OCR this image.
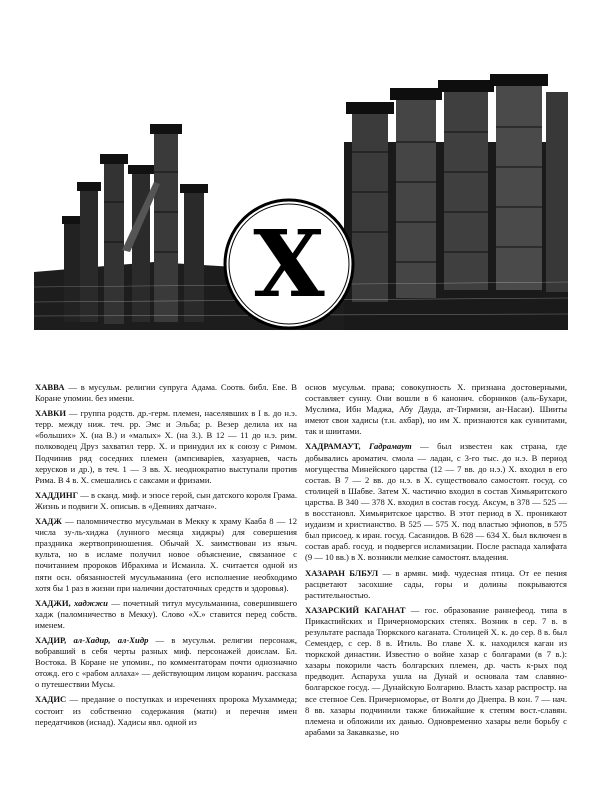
X

ХАВВА — в мусульм. религии супруга Адама. Соотв. библ. Еве. В Коране упомин. без имени.

ХАВКИ — группа родств. др.-герм. племен, населявших в I в. до н.э. терр. между ниж. теч. рр. Эмс и Эльба; р. Везер делила их на «больших» X. (на В.) и «малых» X. (на З.). В 12 — 11 до н.э. рим. полководец Друз захватил терр. X. и принудил их к союзу с Римом. Подчинив ряд соседних племен (ампсиваріев, хазуарнев, часть херусков и др.), в теч. 1 — 3 вв. X. неоднократно выступали против Рима. В 4 в. X. смешались с саксами и фризами.

ХАДДИНГ — в сканд. миф. и эпосе герой, сын датского короля Грама. Жизнь и подвиги X. описыв. в «Деяниях датчан».

ХАДЖ — паломничество мусульман в Мекку к храму Кааба 8 — 12 числа зу-ль-хиджа (лунного месяца хиджры) для совершения праздника жертвоприношения. Обычай X. заимствован из языч. культа, но в исламе получил новое объяснение, связанное с почитанием пророков Ибрахима и Исмаила. X. считается одной из пяти осн. обязанностей мусульманина (его исполнение необходимо хотя бы 1 раз в жизни при наличии достаточных средств и здоровья).

ХАДЖИ, хаджжи — почетный титул мусульманина, совершившего хадж (паломничество в Мекку). Слово «X.» ставится перед собств. именем.

ХАДИР, ал-Хадир, ал-Хидр — в мусульм. религии персонаж, вобравший в себя черты разных миф. персонажей доислам. Бл. Востока. В Коране не упомин., по комментаторам почти однозначно отожд. его с «рабом аллаха» — действующим лицом коранич. рассказа о путешествии Мусы.

ХАДИС — предание о поступках и изречениях пророка Мухаммеда; состоит из собственно содержания (матн) и перечня имен передатчиков (иснад). Хадисы явл. одной из

основ мусульм. права; совокупность X. признана достоверными, составляет сунну. Они вошли в 6 канонич. сборников (аль-Бухари, Муслима, Ибн Маджа, Абу Дауда, ат-Тирмизи, ан-Насаи). Шииты имеют свои хадисы (т.н. ахбар), но им X. признаются как суннитами, так и шиитами.

ХАДРАМАУТ, Гадрамаут — был известен как страна, где добывались ароматич. смола — ладан, с 3-го тыс. до н.э. В период могущества Минейского царства (12 — 7 вв. до н.э.) X. входил в его состав. В 7 — 2 вв. до н.э. в X. существовало самостоят. госуд. со столицей в Шабве. Затем X. частично входил в состав Химьяритского царства. В 340 — 378 X. входил в состав госуд. Аксум, в 378 — 525 — в восстановл. Химьяритское царство. В этот период в X. проникают иудаизм и христианство. В 525 — 575 X. под властью эфиопов, в 575 был присоед. к иран. госуд. Сасанидов. В 628 — 634 X. был включен в состав араб. госуд. и подвергся исламизации. После распада халифата (9 — 10 вв.) в X. возникли мелкие самостоят. владения.

ХАЗАРАН БЛБУЛ — в армян. миф. чудесная птица. От ее пения расцветают засохшие сады, горы и долины покрываются растительностью.

ХАЗАРСКИЙ КАГАНАТ — гос. образование раннефеод. типа в Прикаспийских и Причерноморских степях. Возник в сер. 7 в. в результате распада Тюркского каганата. Столицей X. к. до сер. 8 в. был Семендер, с сер. 8 в. Итиль. Во главе X. к. находился каган из тюркской династии. Известно о войне хазар с болгарами (в 7 в.): хазары покорили часть болгарских племен, др. часть к-рых под предводит. Аспаруха ушла на Дунай и основала там славяно-болгарское госуд. — Дунайскую Болгарию. Власть хазар распростр. на все степное Сев. Причерноморье, от Волги до Днепра. В кон. 7 — нач. 8 вв. хазары подчинили также ближайшие к степям вост.-славян. племена и обложили их данью. Одновременно хазары вели борьбу с арабами за Закавказье, но
